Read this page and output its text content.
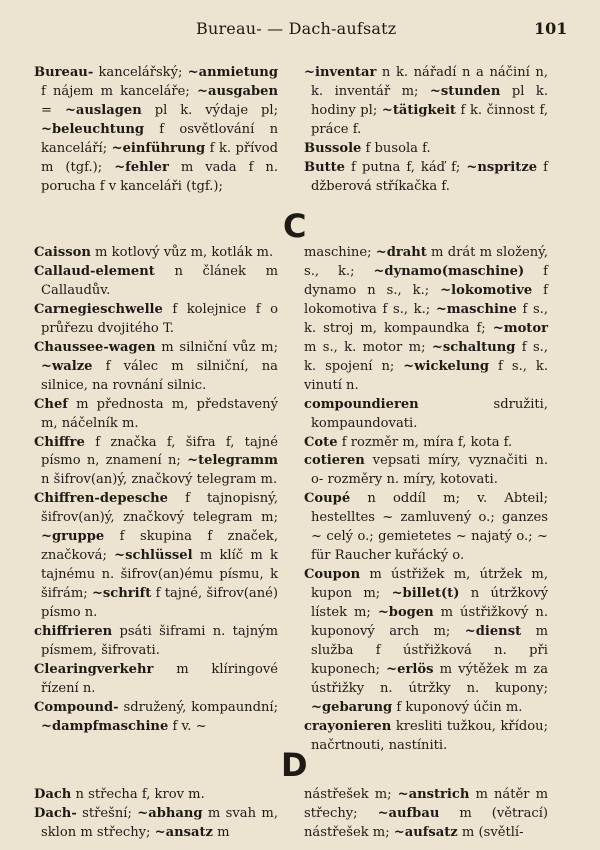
Bureau- — Dach-aufsatz	101

Bureau- kancelářský; ~anmietung f nájem m kanceláře; ~ausgaben = ~auslagen pl k. výdaje pl; ~beleuchtung f osvětlování n kanceláří; ~einführung f k. přívod m (tgf.); ~fehler m vada f n. porucha f v kanceláři (tgf.);

~inventar n k. nářadí n a náčiní n, k. inventář m; ~stunden pl k. hodiny pl; ~tätigkeit f k. činnost f, práce f.

Bussole f busola f.

Butte f putna f, káď f; ~nspritze f džberová stříkačka f.

C

Caisson m kotlový vůz m, kotlák m.

Callaud-element n článek m Callaudův.

Carnegieschwelle f kolejnice f o průřezu dvojitého T.

Chaussee-wagen m silniční vůz m; ~walze f válec m silniční, na silnice, na rovnání silnic.

Chef m přednosta m, představený m, náčelník m.

Chiffre f značka f, šifra f, tajné písmo n, znamení n; ~telegramm n šifrov(an)ý, značkový telegram m.

Chiffren-depesche f tajnopisný, šifrov(an)ý, značkový telegram m; ~gruppe f skupina f značek, značková; ~schlüssel m klíč m k tajnému n. šifrov(an)ému písmu, k šifrám; ~schrift f tajné, šifrov(ané) písmo n.

chiffrieren psáti šiframi n. tajným písmem, šifrovati.

Clearingverkehr m klíringové řízení n.

Compound- sdružený, kompaundní; ~dampfmaschine f v. ~

maschine; ~draht m drát m složený, s., k.; ~dynamo(maschine) f dynamo n s., k.; ~lokomotive f lokomotiva f s., k.; ~maschine f s., k. stroj m, kompaundka f; ~motor m s., k. motor m; ~schaltung f s., k. spojení n; ~wickelung f s., k. vinutí n.

compoundieren sdružiti, kompaundovati.

Cote f rozměr m, míra f, kota f.

cotieren vepsati míry, vyznačiti n. o- rozměry n. míry, kotovati.

Coupé n oddíl m; v. Abteil; hestelltes ~ zamluvený o.; ganzes ~ celý o.; gemietetes ~ najatý o.; ~ für Raucher kuřácký o.

Coupon m ústřižek m, útržek m, kupon m; ~billet(t) n útržkový lístek m; ~bogen m ústřižkový n. kuponový arch m; ~dienst m služba f ústřižková n. při kuponech; ~erlös m výtěžek m za ústřižky n. útržky n. kupony; ~gebarung f kuponový účin m.

crayonieren kresliti tužkou, křídou; načrtnouti, nastíniti.

D

Dach n střecha f, krov m.

Dach- střešní; ~abhang m svah m, sklon m střechy; ~ansatz m

nástřešek m; ~anstrich m nátěr m střechy; ~aufbau m (větrací) nástřešek m; ~aufsatz m (světlí-
